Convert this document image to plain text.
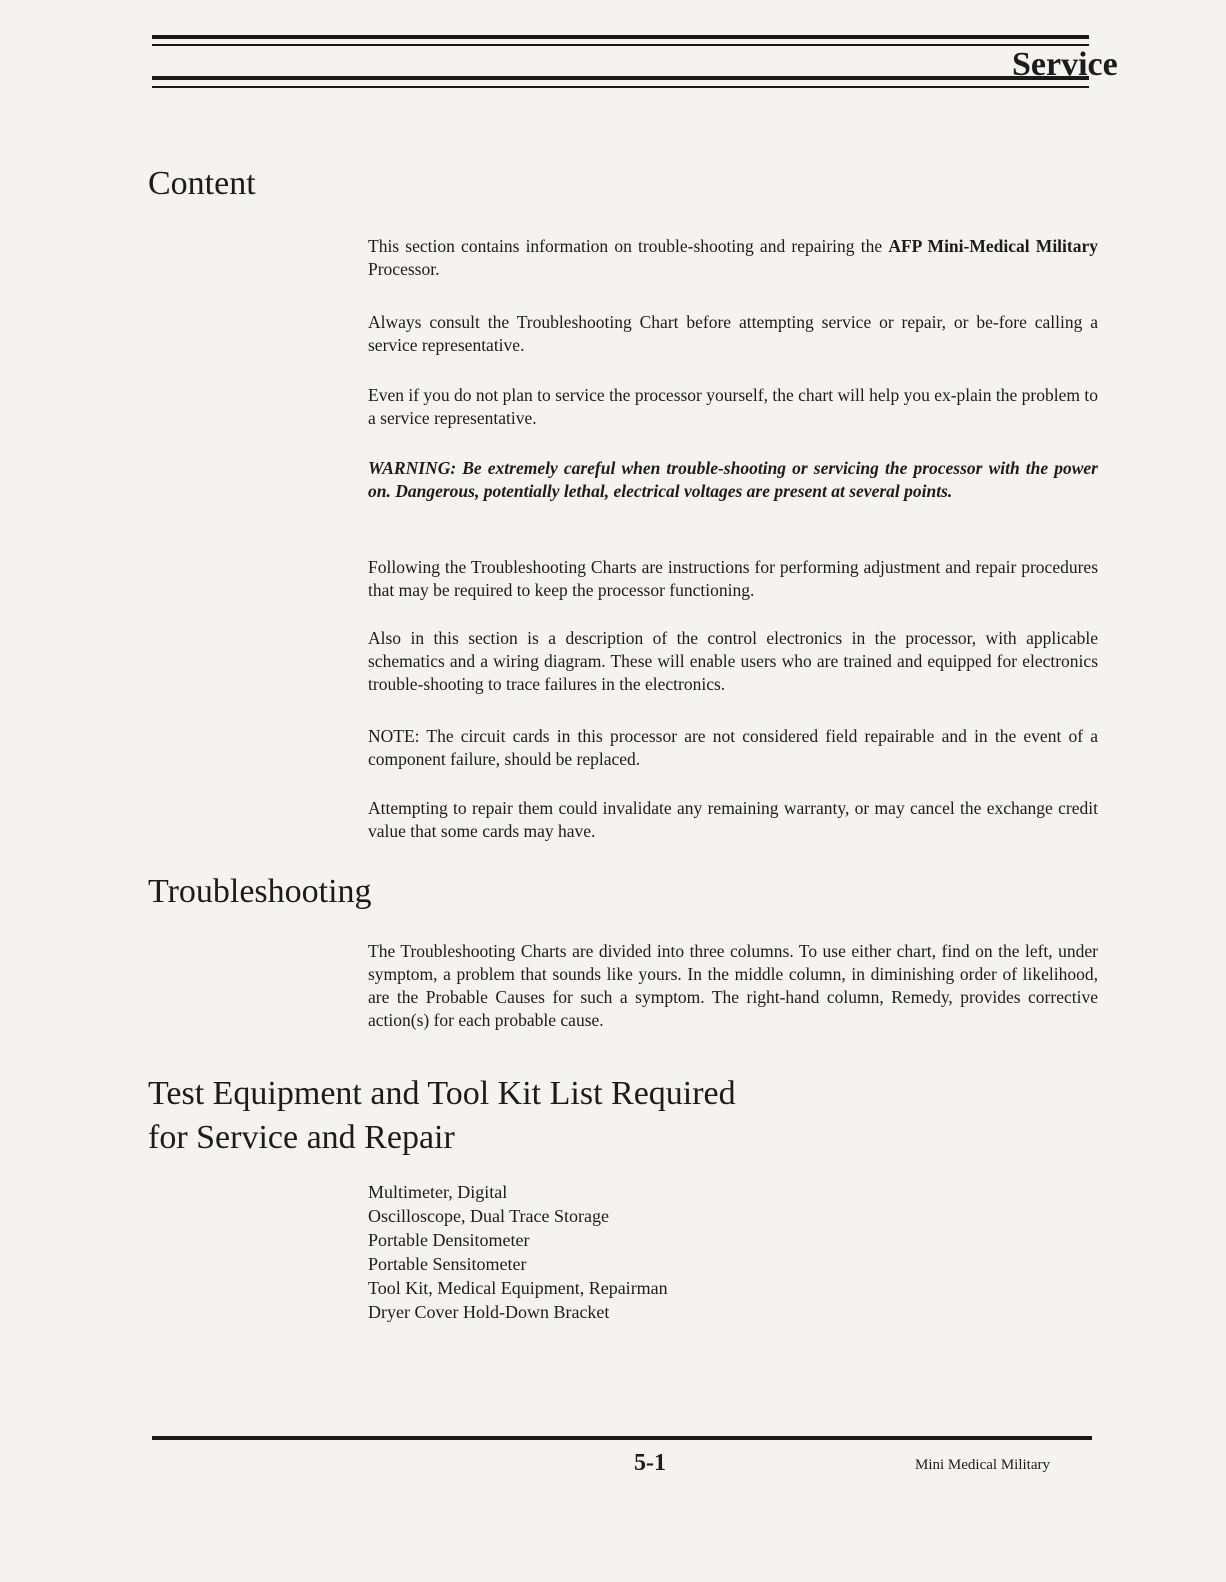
Service
Content

This section contains information on trouble-shooting and repairing the AFP Mini-Medical Military Processor.

Always consult the Troubleshooting Chart before attempting service or repair, or be-fore calling a service representative.

Even if you do not plan to service the processor yourself, the chart will help you ex-plain the problem to a service representative.

WARNING: Be extremely careful when trouble-shooting or servicing the processor with the power on. Dangerous, potentially lethal, electrical voltages are present at several points.

Following the Troubleshooting Charts are instructions for performing adjustment and repair procedures that may be required to keep the processor functioning.

Also in this section is a description of the control electronics in the processor, with applicable schematics and a wiring diagram. These will enable users who are trained and equipped for electronics trouble-shooting to trace failures in the electronics.

NOTE: The circuit cards in this processor are not considered field repairable and in the event of a component failure, should be replaced.

Attempting to repair them could invalidate any remaining warranty, or may cancel the exchange credit value that some cards may have.

Troubleshooting

The Troubleshooting Charts are divided into three columns. To use either chart, find on the left, under symptom, a problem that sounds like yours. In the middle column, in diminishing order of likelihood, are the Probable Causes for such a symptom. The right-hand column, Remedy, provides corrective action(s) for each probable cause.

Test Equipment and Tool Kit List Required
for Service and Repair
Multimeter, Digital
Oscilloscope, Dual Trace Storage
Portable Densitometer
Portable Sensitometer
Tool Kit, Medical Equipment, Repairman
Dryer Cover Hold-Down Bracket
5-1	Mini Medical Military
